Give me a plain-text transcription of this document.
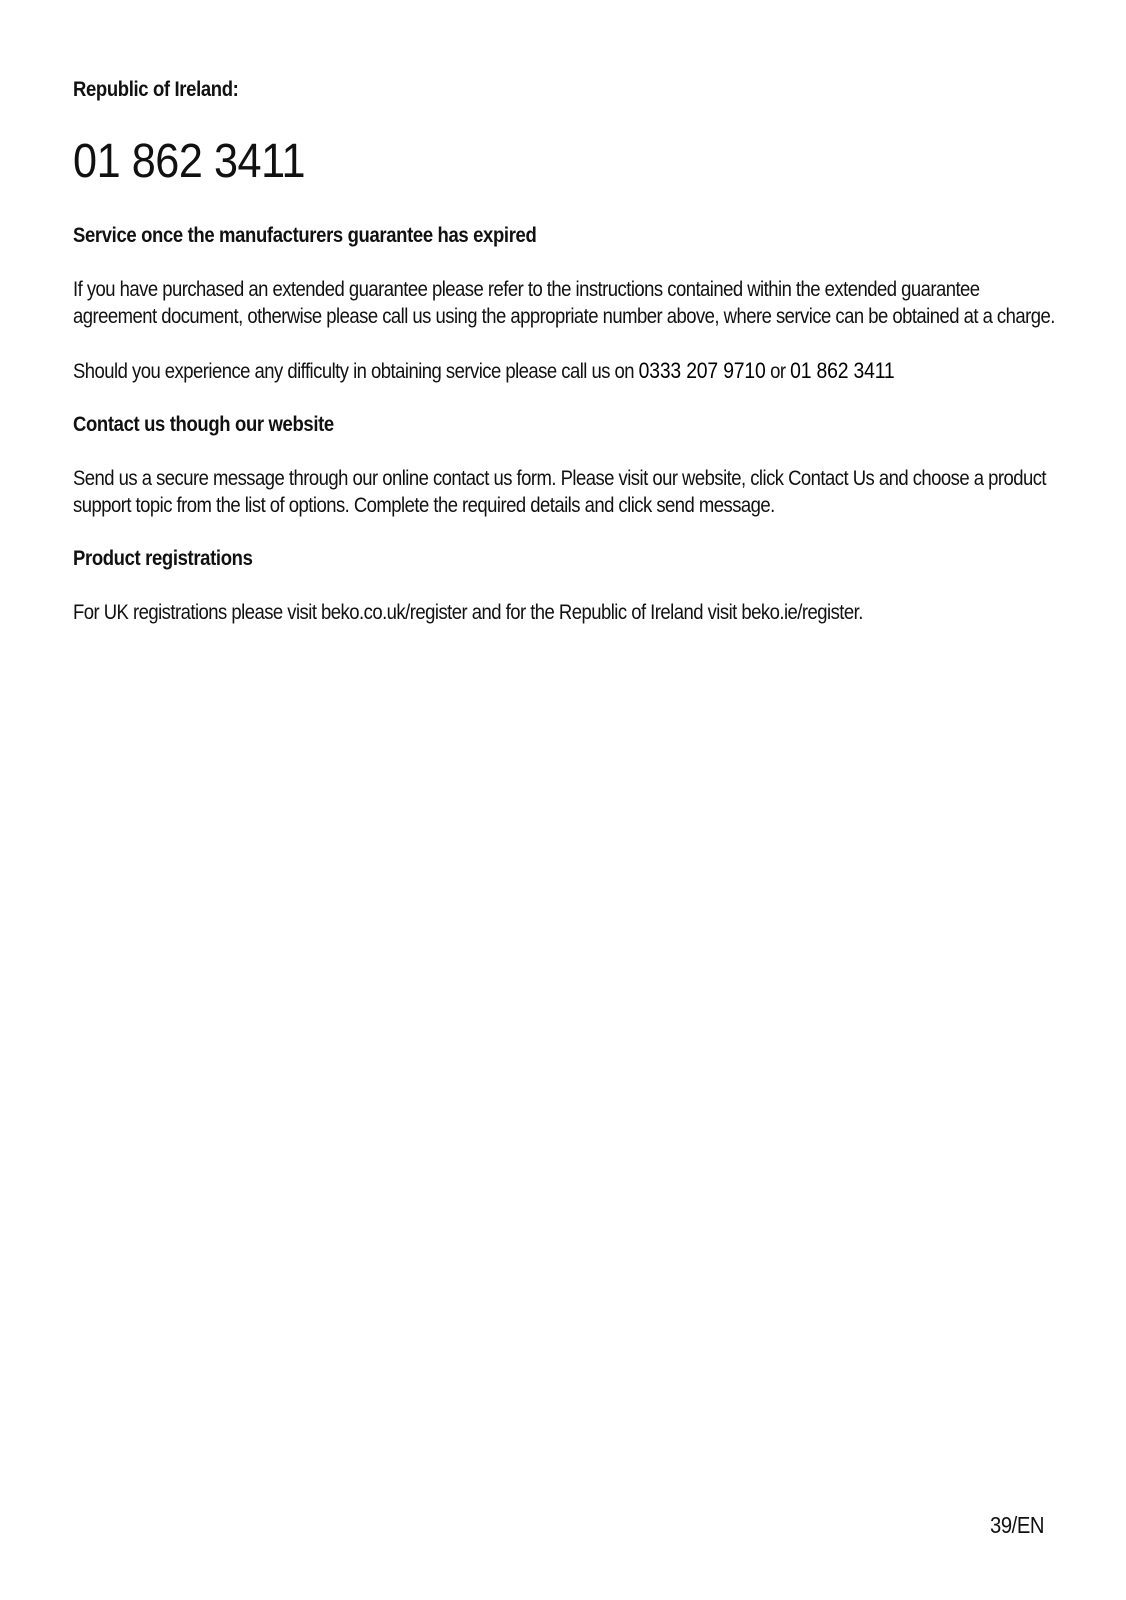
Republic of Ireland:
01 862 3411
Service once the manufacturers guarantee has expired

If you have purchased an extended guarantee please refer to the instructions contained within the extended guarantee agreement document, otherwise please call us using the appropriate number above, where service can be obtained at a charge.

Should you experience any difficulty in obtaining service please call us on 0333 207 9710 or 01 862 3411

Contact us though our website

Send us a secure message through our online contact us form. Please visit our website, click Contact Us and choose a product support topic from the list of options. Complete the required details and click send message.

Product registrations

For UK registrations please visit beko.co.uk/register and for the Republic of Ireland visit beko.ie/register.

39/EN
